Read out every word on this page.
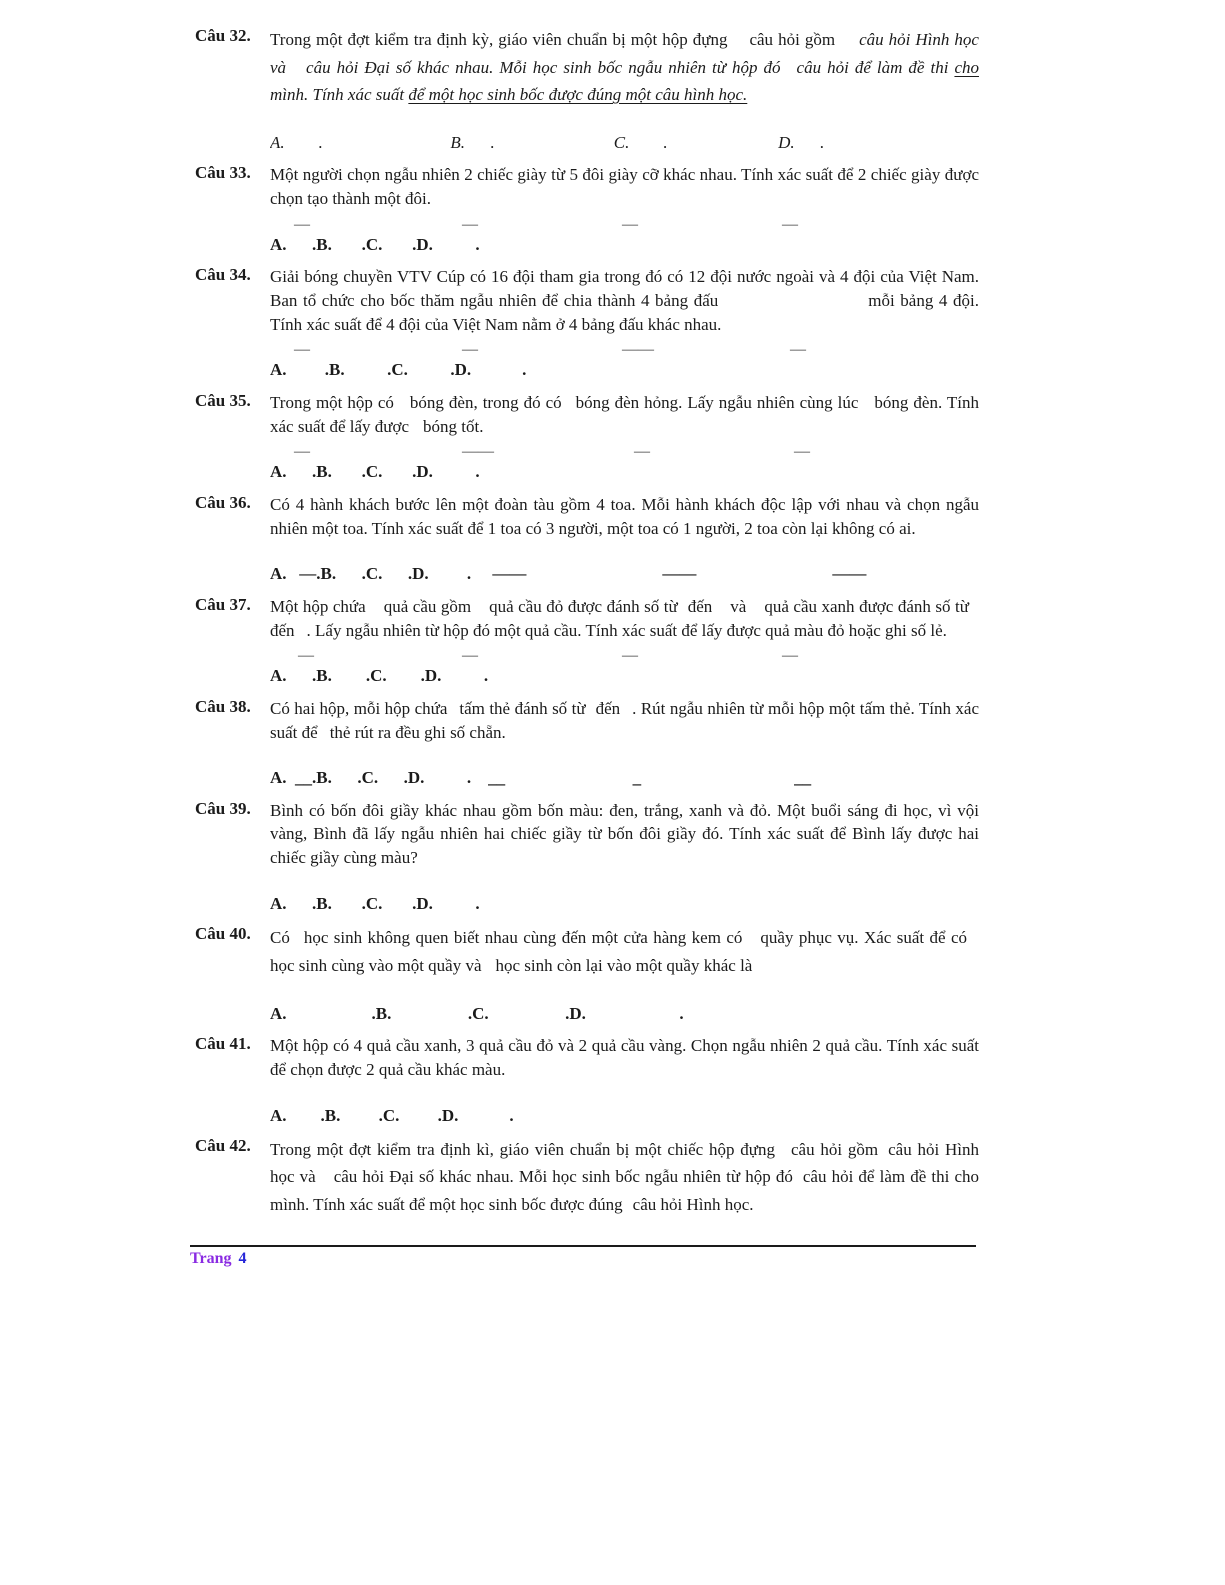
Câu 32.	Trong một đợt kiểm tra định kỳ, giáo viên chuẩn bị một hộp đựng câu hỏi gồm câu hỏi Hình học và câu hỏi Đại số khác nhau. Mỗi học sinh bốc ngẫu nhiên từ hộp đó câu hỏi để làm đề thi cho mình. Tính xác suất để một học sinh bốc được đúng một câu hình học.

A.        .                              B.      .                            C.        .                          D.      .
Câu 33.	Một người chọn ngẫu nhiên 2 chiếc giày từ 5 đôi giày cỡ khác nhau. Tính xác suất để 2 chiếc giày được chọn tạo thành một đôi.

—                                      —                                    —                                    —
A.      .B.       .C.       .D.          .
Câu 34.	Giải bóng chuyền VTV Cúp có 16 đội tham gia trong đó có 12 đội nước ngoài và 4 đội của Việt Nam. Ban tổ chức cho bốc thăm ngẫu nhiên để chia thành 4 bảng đấu	mỗi bảng 4 đội. Tính xác suất để 4 đội của Việt Nam nằm ở 4 bảng đấu khác nhau.

—                                      —                                    ——                                  —
A.         .B.          .C.          .D.            .
Câu 35.	Trong một hộp có bóng đèn, trong đó có bóng đèn hỏng. Lấy ngẫu nhiên cùng lúc bóng đèn. Tính xác suất để lấy được bóng tốt.

—                                      ——                                   —                                    —
A.      .B.       .C.       .D.          .
Câu 36.	Có 4 hành khách bước lên một đoàn tàu gồm 4 toa. Mỗi hành khách độc lập với nhau và chọn ngẫu nhiên một toa. Tính xác suất để 1 toa có 3 người, một toa có 1 người, 2 toa còn lại không có ai.

A.   —.B.      .C.      .D.         .     ——                                ——                                ——
Câu 37.	Một hộp chứa quả cầu gồm quả cầu đỏ được đánh số từ đến và quả cầu xanh được đánh số từđến . Lấy ngẫu nhiên từ hộp đó một quả cầu. Tính xác suất để lấy được quả màu đỏ hoặc ghi số lẻ.

—                                     —                                    —                                    —
A.      .B.        .C.        .D.          .
Câu 38.	Có hai hộp, mỗi hộp chứa tấm thẻ đánh số từ đến . Rút ngẫu nhiên từ mỗi hộp một tấm thẻ. Tính xác suất để thẻ rút ra đều ghi số chẵn.

A.  __.B.      .C.      .D.          .    __                              _                                    __
Câu 39.	Bình có bốn đôi giầy khác nhau gồm bốn màu: đen, trắng, xanh và đỏ. Một buổi sáng đi học, vì vội vàng, Bình đã lấy ngẫu nhiên hai chiếc giầy từ bốn đôi giầy đó. Tính xác suất để Bình lấy được hai chiếc giầy cùng màu?

A.      .B.       .C.       .D.          .
Câu 40.	Có học sinh không quen biết nhau cùng đến một cửa hàng kem có quầy phục vụ. Xác suất để cóhọc sinh cùng vào một quầy và học sinh còn lại vào một quầy khác là

A.                    .B.                  .C.                  .D.                      .
Câu 41.	Một hộp có 4 quả cầu xanh, 3 quả cầu đỏ và 2 quả cầu vàng. Chọn ngẫu nhiên 2 quả cầu. Tính xác suất để chọn được 2 quả cầu khác màu.

A.        .B.         .C.         .D.            .
Câu 42.	Trong một đợt kiểm tra định kì, giáo viên chuẩn bị một chiếc hộp đựng câu hỏi gồm câu hỏi Hình học và câu hỏi Đại số khác nhau. Mỗi học sinh bốc ngẫu nhiên từ hộp đó câu hỏi để làm đề thi cho mình. Tính xác suất để một học sinh bốc được đúng câu hỏi Hình học.

Trang 4
